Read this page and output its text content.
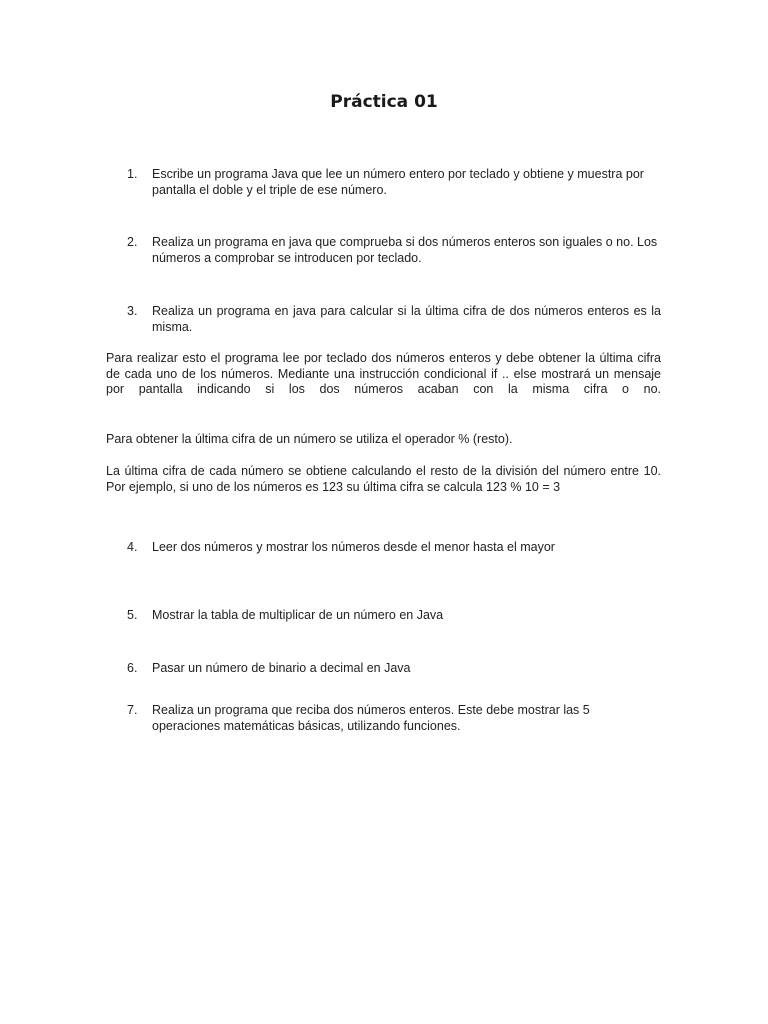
Práctica 01
1.	Escribe un programa Java que lee un número entero por teclado y obtiene y muestra por pantalla el doble y el triple de ese número.
2.	Realiza un programa en java que comprueba si dos números enteros son iguales o no. Los números a comprobar se introducen por teclado.
3.	Realiza un programa en java para calcular si la última cifra de dos números enteros es la misma.

Para realizar esto el programa lee por teclado dos números enteros y debe obtener la última cifra de cada uno de los números. Mediante una instrucción condicional if .. else mostrará un mensaje por pantalla indicando si los dos números acaban con la misma cifra o no.

Para obtener la última cifra de un número se utiliza el operador % (resto).

La última cifra de cada número se obtiene calculando el resto de la división del número entre 10. Por ejemplo, si uno de los números es 123 su última cifra se calcula 123 % 10 = 3

4.	Leer dos números y mostrar los números desde el menor hasta el mayor
5.	Mostrar la tabla de multiplicar de un número en Java
6.	Pasar un número de binario a decimal en Java
7.	Realiza un programa que reciba dos números enteros. Este debe mostrar las 5 operaciones matemáticas básicas, utilizando funciones.
